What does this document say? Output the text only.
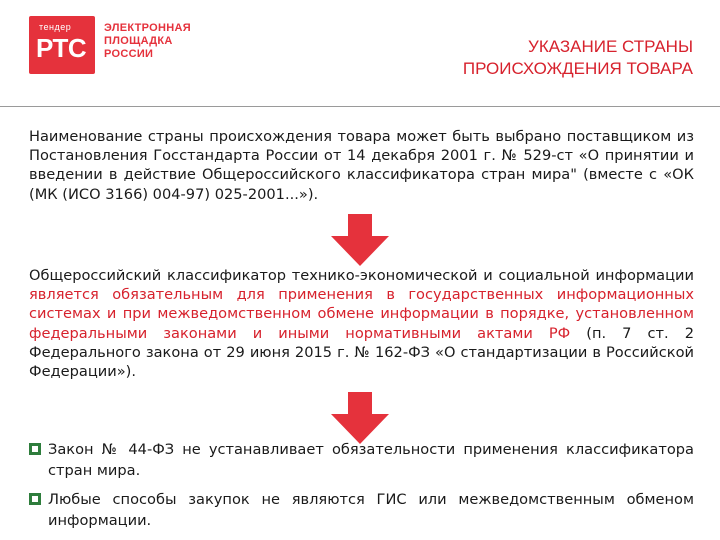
тендер
РТС
ЭЛЕКТРОННАЯ
ПЛОЩАДКА
РОССИИ	УКАЗАНИЕ СТРАНЫ
ПРОИСХОЖДЕНИЯ ТОВАРА
Наименование страны происхождения товара может быть выбрано поставщиком из Постановления Госстандарта России от 14 декабря 2001 г. № 529-ст «О принятии и введении в действие Общероссийского классификатора стран мира" (вместе с «ОК (МК (ИСО 3166) 004-97) 025-2001...»).
Общероссийский классификатор технико-экономической и социальной информации является обязательным для применения в государственных информационных системах и при межведомственном обмене информации в порядке, установленном федеральными законами и иными нормативными актами РФ (п. 7 ст. 2 Федерального закона от 29 июня 2015 г. № 162-ФЗ «О стандартизации в Российской Федерации»).
Закон № 44-ФЗ не устанавливает обязательности применения классификатора стран мира.
Любые способы закупок не являются ГИС или межведомственным обменом информации.
